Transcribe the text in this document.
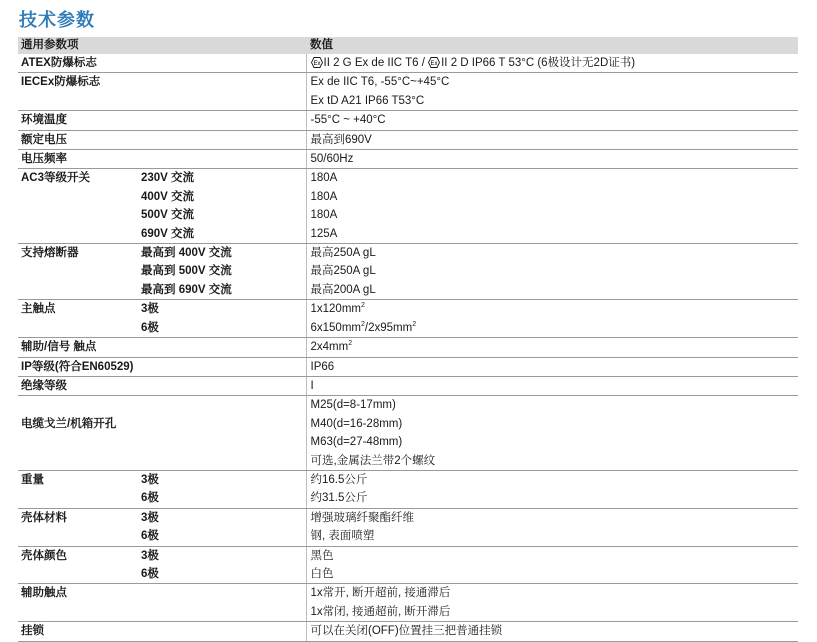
技术参数
通用参数项		数值
ATEX防爆标志		Ex II 2 G Ex de IIC T6 / Ex II 2 D IP66 T 53°C (6极设计无2D证书)
IECEx防爆标志		Ex de IIC T6, -55°C~+45°C
		Ex tD A21 IP66 T53°C
环境温度		-55°C ~ +40°C
额定电压		最高到690V
电压频率		50/60Hz
AC3等级开关	230V 交流	180A
	400V 交流	180A
	500V 交流	180A
	690V 交流	125A
支持熔断器	最高到 400V 交流	最高250A gL
	最高到 500V 交流	最高250A gL
	最高到 690V 交流	最高200A gL
主触点	3极	$1x120mm^2$
	6极	$6x150mm^2/2x95mm^2$
辅助/信号 触点		$2x4mm^2$
IP等级(符合EN60529)		IP66
绝缘等级		I
		M25(d=8-17mm)
电缆戈兰/机箱开孔		M40(d=16-28mm)
		M63(d=27-48mm)
		可选,金属法兰带2个螺纹
重量	3极	约16.5公斤
	6极	约31.5公斤
壳体材料	3极	增强玻璃纤聚酯纤维
	6极	钢, 表面喷塑
壳体颜色	3极	黑色
	6极	白色
辅助触点		1x常开, 断开超前, 接通滞后
		1x常闭, 接通超前, 断开滞后
挂锁		可以在关闭(OFF)位置挂三把普通挂锁
